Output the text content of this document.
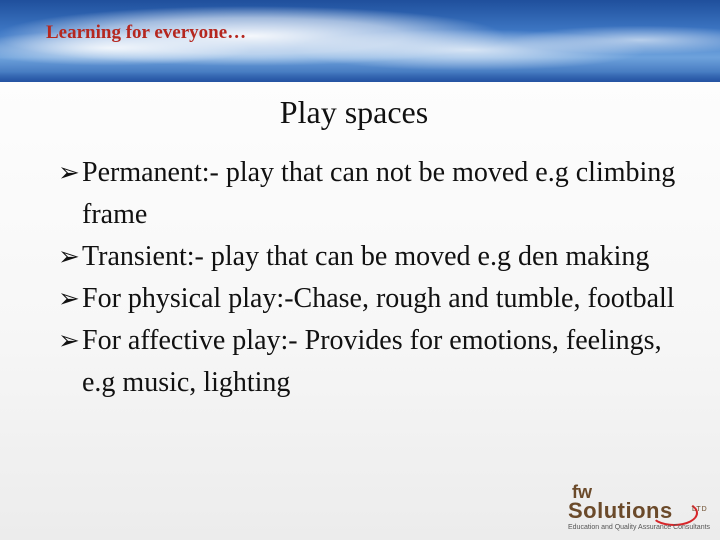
Learning for everyone…
Play spaces
➢ Permanent:- play that can not be moved e.g climbing frame
➢ Transient:- play that can be moved e.g den making
➢ For physical play:-Chase, rough and tumble, football
➢ For affective play:- Provides for emotions, feelings, e.g music, lighting
fw
Solutions	LTD
Education and Quality Assurance Consultants
